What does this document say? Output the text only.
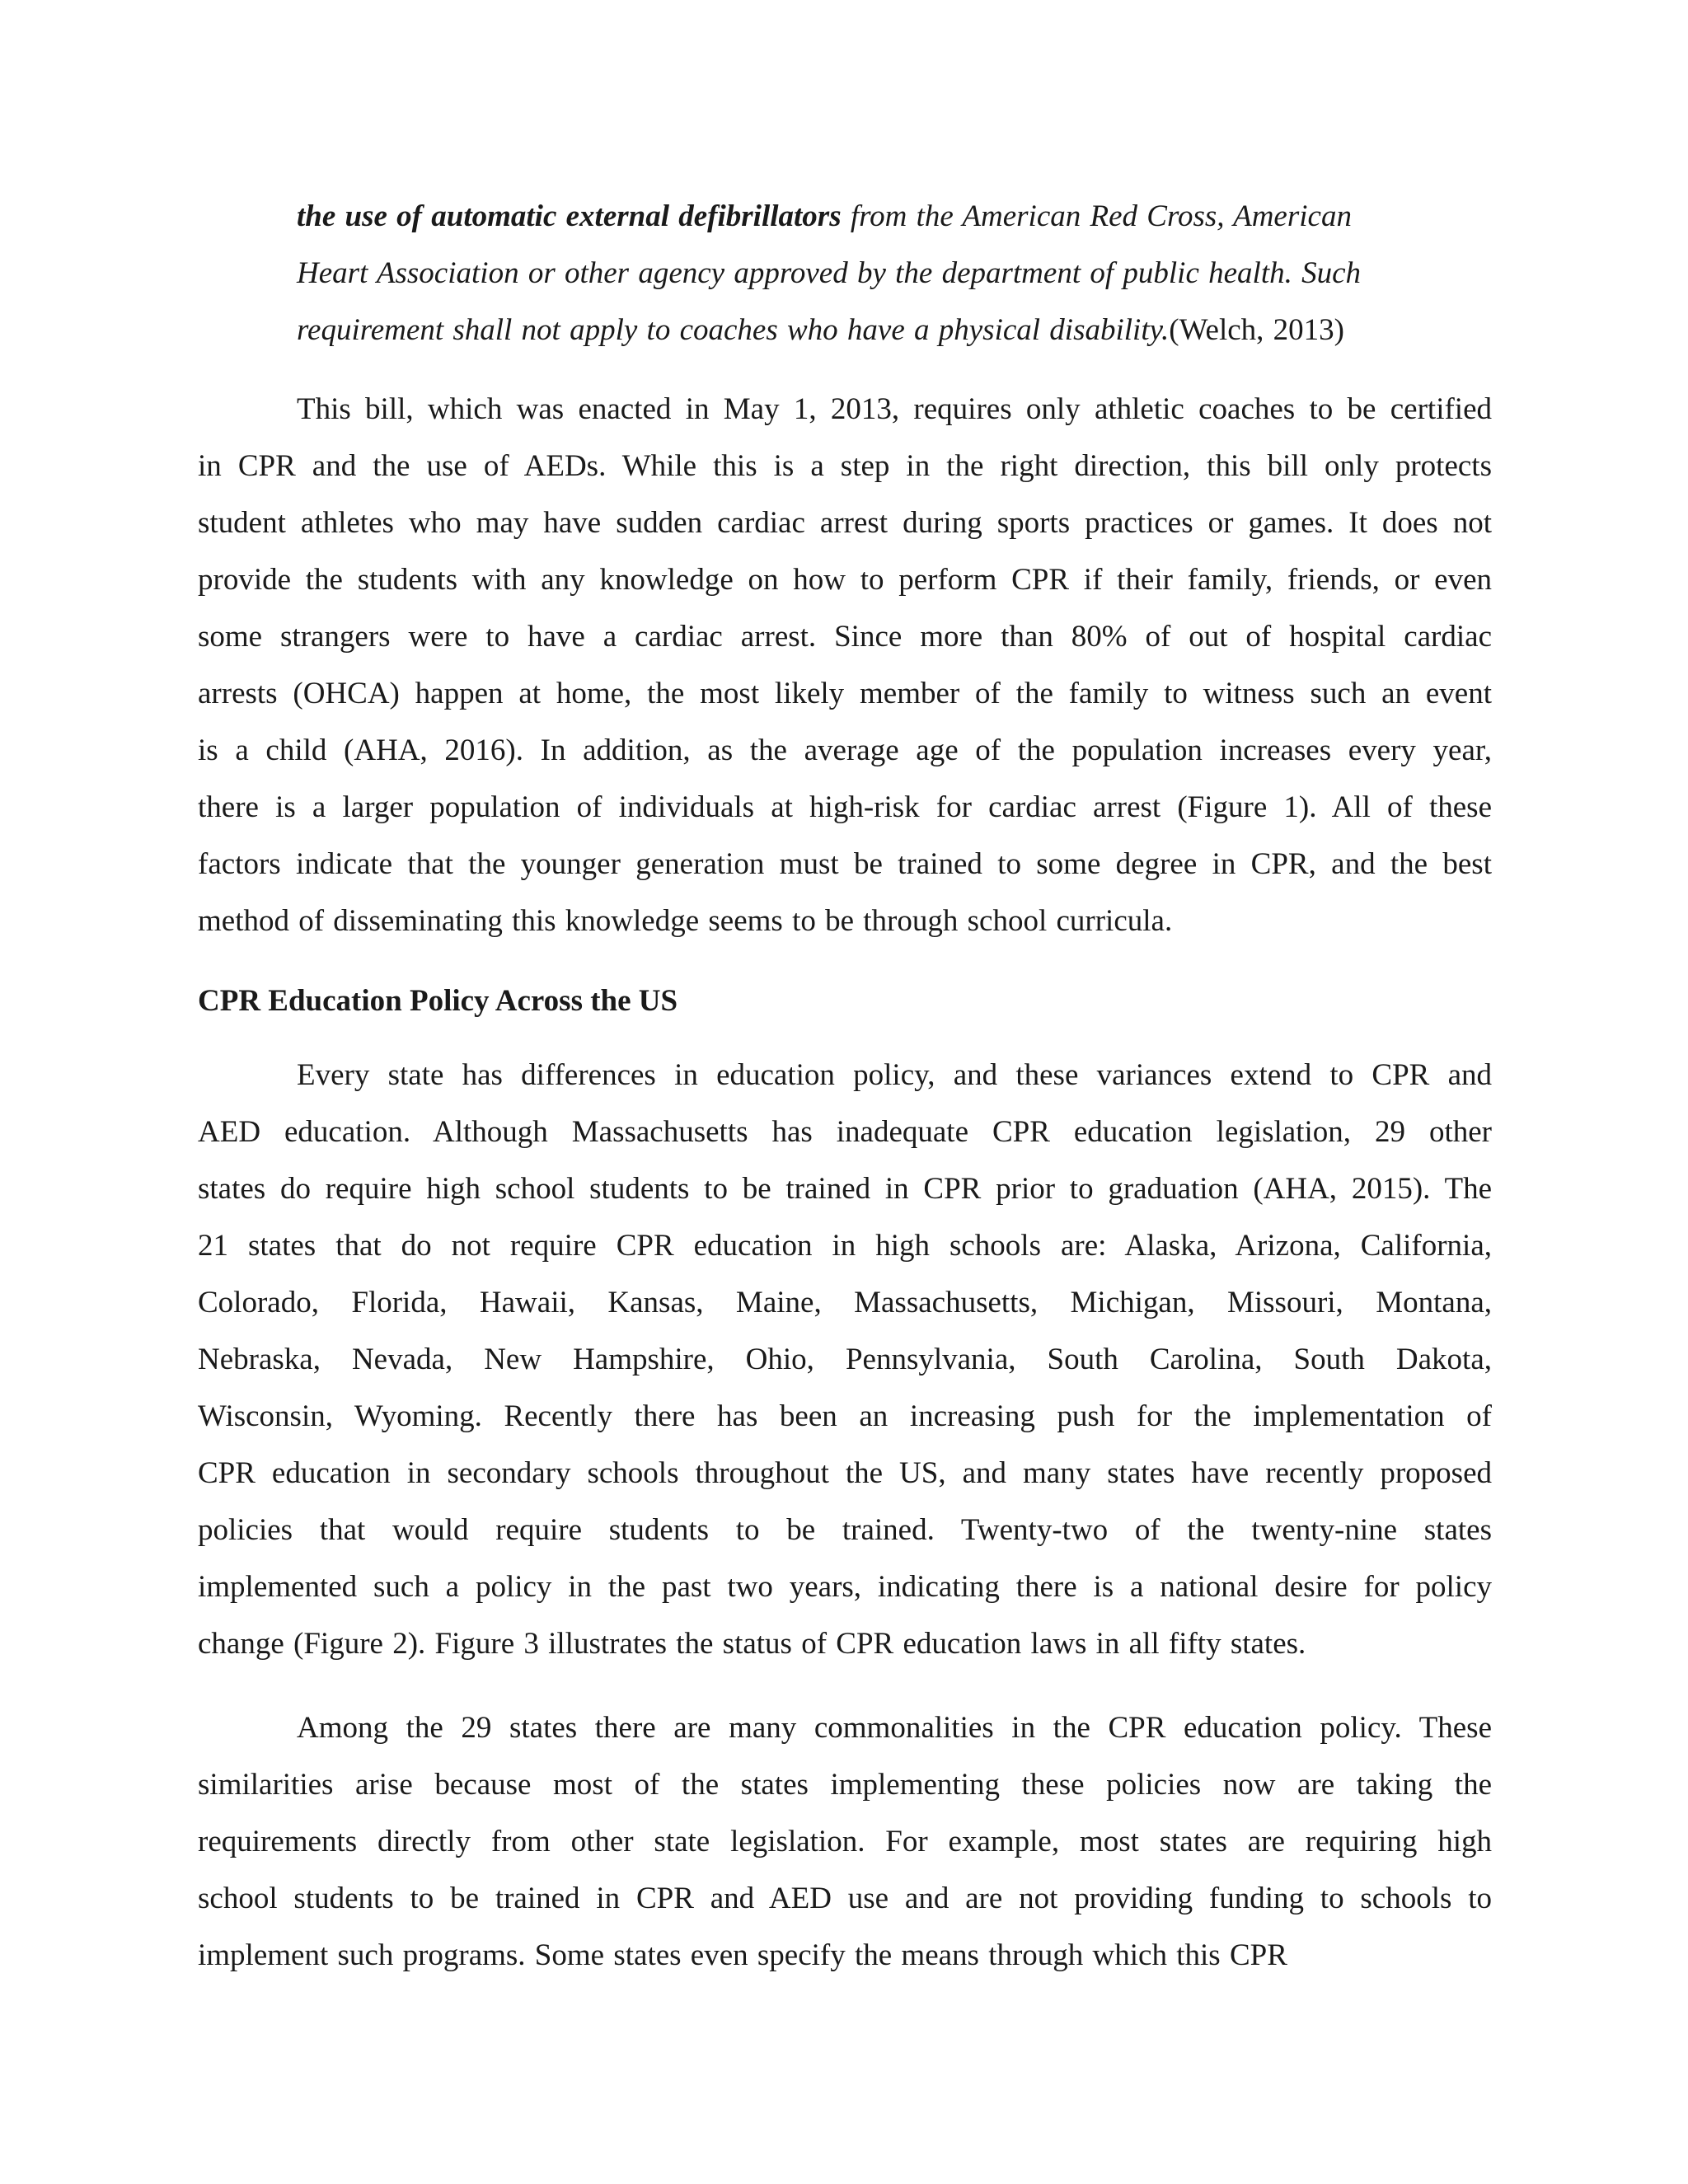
the use of automatic external defibrillators from the American Red Cross, American
Heart Association or other agency approved by the department of public health. Such
requirement shall not apply to coaches who have a physical disability.(Welch, 2013)
This bill, which was enacted in May 1, 2013, requires only athletic coaches to be certified
in CPR and the use of AEDs. While this is a step in the right direction, this bill only protects
student athletes who may have sudden cardiac arrest during sports practices or games. It does not
provide the students with any knowledge on how to perform CPR if their family, friends, or even
some strangers were to have a cardiac arrest. Since more than 80% of out of hospital cardiac
arrests (OHCA) happen at home, the most likely member of the family to witness such an event
is a child (AHA, 2016). In addition, as the average age of the population increases every year,
there is a larger population of individuals at high-risk for cardiac arrest (Figure 1). All of these
factors indicate that the younger generation must be trained to some degree in CPR, and the best
method of disseminating this knowledge seems to be through school curricula.
CPR Education Policy Across the US
Every state has differences in education policy, and these variances extend to CPR and
AED education. Although Massachusetts has inadequate CPR education legislation, 29 other
states do require high school students to be trained in CPR prior to graduation (AHA, 2015). The
21 states that do not require CPR education in high schools are: Alaska, Arizona, California,
Colorado, Florida, Hawaii, Kansas, Maine, Massachusetts, Michigan, Missouri, Montana,
Nebraska, Nevada, New Hampshire, Ohio, Pennsylvania, South Carolina, South Dakota,
Wisconsin, Wyoming. Recently there has been an increasing push for the implementation of
CPR education in secondary schools throughout the US, and many states have recently proposed
policies that would require students to be trained. Twenty-two of the twenty-nine states
implemented such a policy in the past two years, indicating there is a national desire for policy
change (Figure 2). Figure 3 illustrates the status of CPR education laws in all fifty states.
Among the 29 states there are many commonalities in the CPR education policy. These
similarities arise because most of the states implementing these policies now are taking the
requirements directly from other state legislation. For example, most states are requiring high
school students to be trained in CPR and AED use and are not providing funding to schools to
implement such programs. Some states even specify the means through which this CPR
